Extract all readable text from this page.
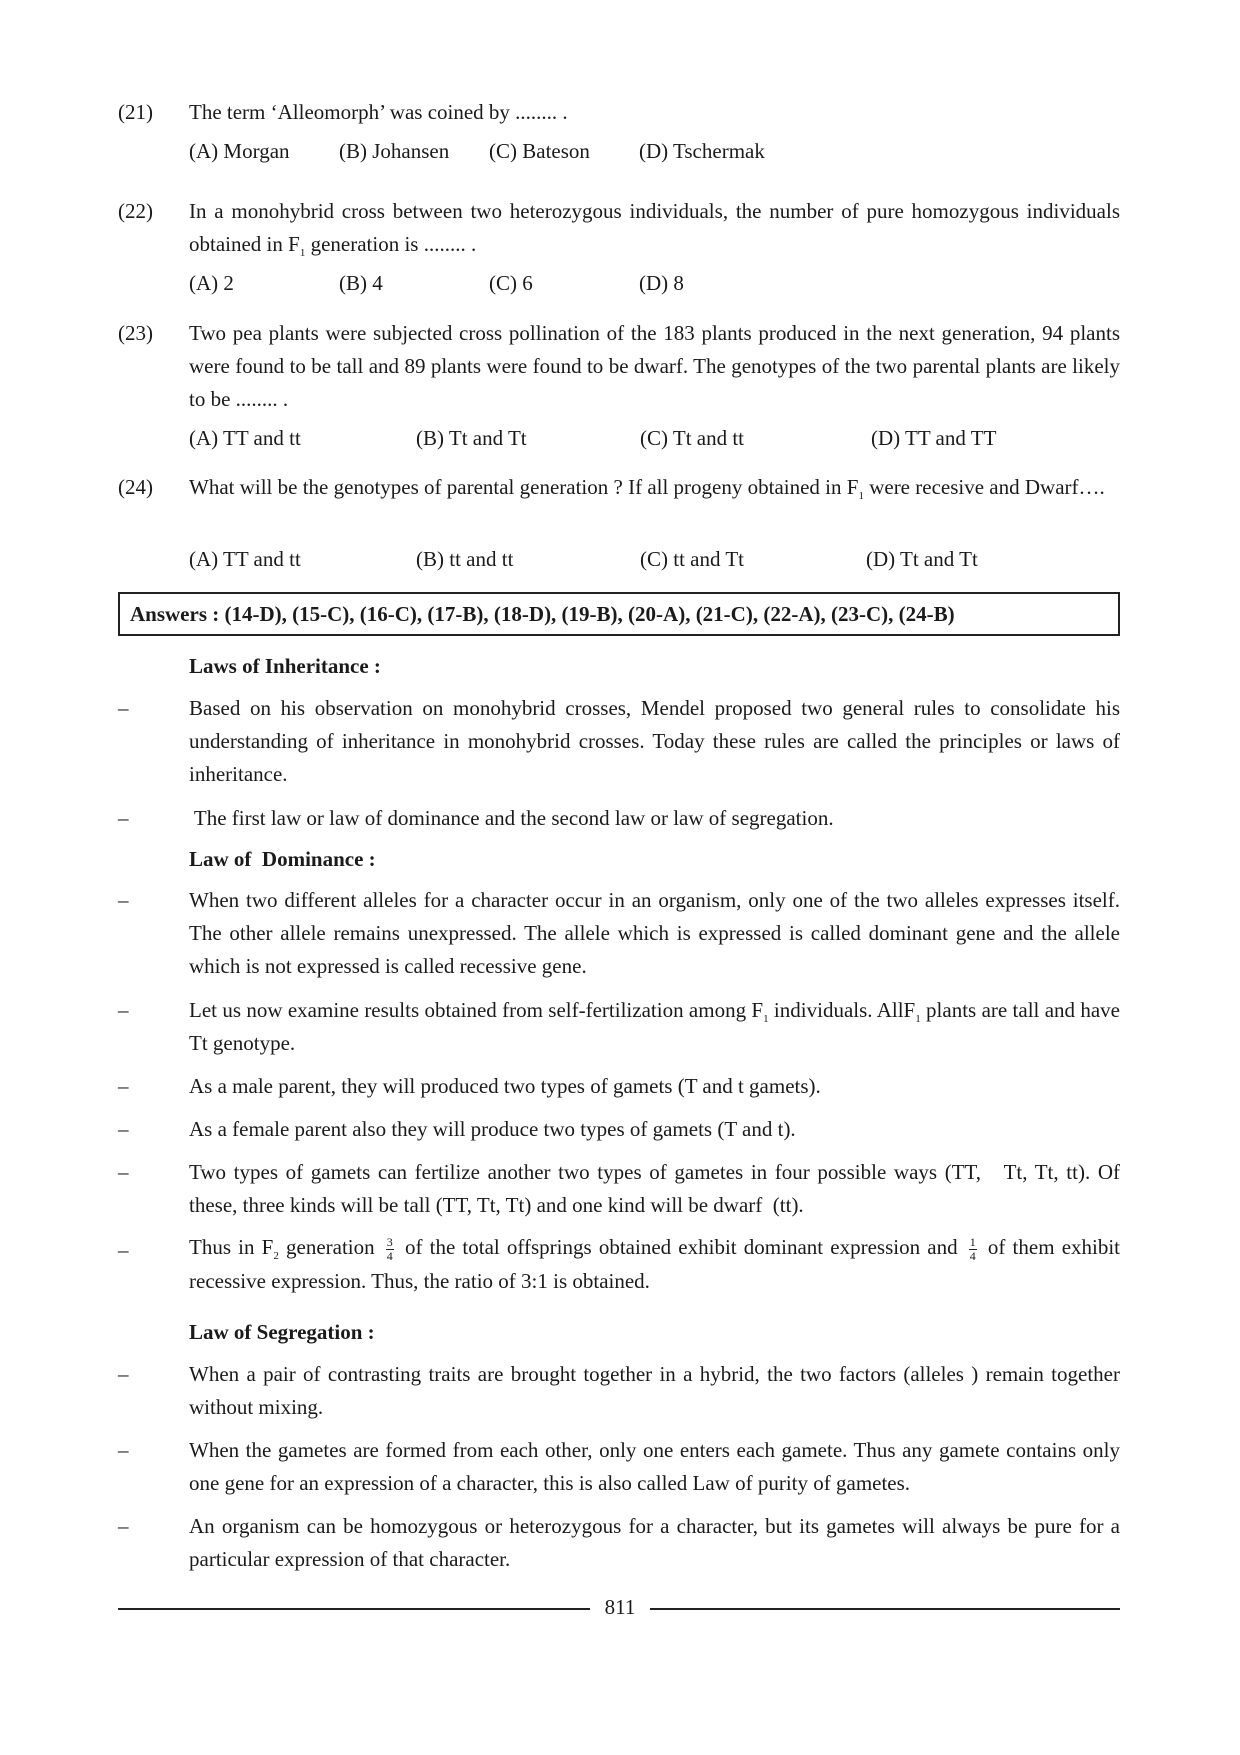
(21) The term ‘Alleomorph’ was coined by ........ .
(A) Morgan (B) Johansen (C) Bateson (D) Tschermak
(22) In a monohybrid cross between two heterozygous individuals, the number of pure homozygous individuals obtained in $F_1$ generation is ........ .
(A) 2	(B) 4	(C) 6	(D) 8
(23) Two pea plants were subjected cross pollination of the 183 plants produced in the next generation, 94 plants were found to be tall and 89 plants were found to be dwarf. The genotypes of the two parental plants are likely to be ........ .
(A) TT and tt	(B) Tt and Tt	(C) Tt and tt	(D) TT and TT
(24) What will be the genotypes of parental generation ? If all progeny obtained in $F_1$ were recesive and Dwarf….
(A) TT and tt	(B) tt and tt	(C) tt and Tt	(D) Tt and Tt
Answers : (14-D), (15-C), (16-C), (17-B), (18-D), (19-B), (20-A), (21-C), (22-A), (23-C), (24-B)
Laws of Inheritance :
–	Based on his observation on monohybrid crosses, Mendel proposed two general rules to consolidate his understanding of inheritance in monohybrid crosses. Today these rules are called the principles or laws of inheritance.
–	The first law or law of dominance and the second law or law of segregation.
Law of  Dominance :
–	When two different alleles for a character occur in an organism, only one of the two alleles expresses itself. The other allele remains unexpressed. The allele which is expressed is called dominant gene and the allele which is not expressed is called recessive gene.
–	Let us now examine results obtained from self-fertilization among $F_1$ individuals. AllF$_1$ plants are tall and have Tt genotype.
–	As a male parent, they will produced two types of gamets (T and t gamets).
–	As a female parent also they will produce two types of gamets (T and t).
–	Two types of gamets can fertilize another two types of gametes in four possible ways (TT,   Tt, Tt, tt). Of  these, three kinds will be tall (TT, Tt, Tt) and one kind will be dwarf  (tt).
–	Thus in $F_2$ generation $\frac{3}{4}$ of the total offsprings obtained exhibit dominant expression and $\frac{1}{4}$ of them exhibit recessive expression. Thus, the ratio of 3:1 is obtained.
Law of Segregation :
–	When a pair of contrasting traits are brought together in a hybrid, the two factors (alleles ) remain together without mixing.
–	When the gametes are formed from each other, only one enters each gamete. Thus any gamete contains only one gene for an expression of a character, this is also called Law of purity of gametes.
–	An organism can be homozygous or heterozygous for a character, but its gametes will always be pure for a particular expression of that character.
811
